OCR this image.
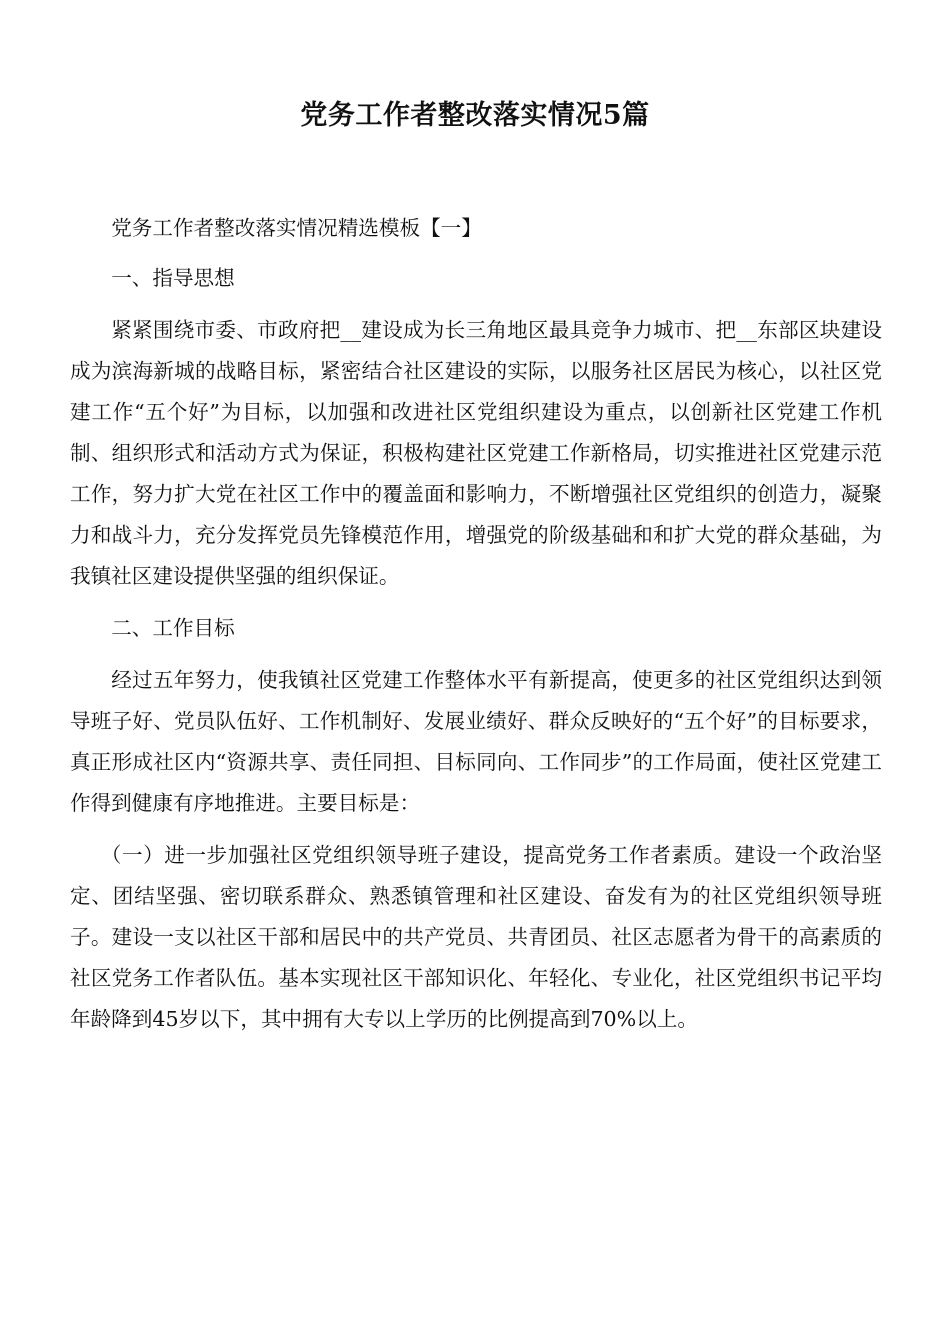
党务工作者整改落实情况5篇

党务工作者整改落实情况精选模板【一】

一、指导思想

紧紧围绕市委、市政府把__建设成为长三角地区最具竞争力城市、把__东部区块建设成为滨海新城的战略目标，紧密结合社区建设的实际，以服务社区居民为核心，以社区党建工作“五个好”为目标，以加强和改进社区党组织建设为重点，以创新社区党建工作机制、组织形式和活动方式为保证，积极构建社区党建工作新格局，切实推进社区党建示范工作，努力扩大党在社区工作中的覆盖面和影响力，不断增强社区党组织的创造力，凝聚力和战斗力，充分发挥党员先锋模范作用，增强党的阶级基础和和扩大党的群众基础，为我镇社区建设提供坚强的组织保证。

二、工作目标

经过五年努力，使我镇社区党建工作整体水平有新提高，使更多的社区党组织达到领导班子好、党员队伍好、工作机制好、发展业绩好、群众反映好的“五个好”的目标要求，真正形成社区内“资源共享、责任同担、目标同向、工作同步”的工作局面，使社区党建工作得到健康有序地推进。主要目标是：

（一）进一步加强社区党组织领导班子建设，提高党务工作者素质。建设一个政治坚定、团结坚强、密切联系群众、熟悉镇管理和社区建设、奋发有为的社区党组织领导班子。建设一支以社区干部和居民中的共产党员、共青团员、社区志愿者为骨干的高素质的社区党务工作者队伍。基本实现社区干部知识化、年轻化、专业化，社区党组织书记平均年龄降到45岁以下，其中拥有大专以上学历的比例提高到70%以上。
